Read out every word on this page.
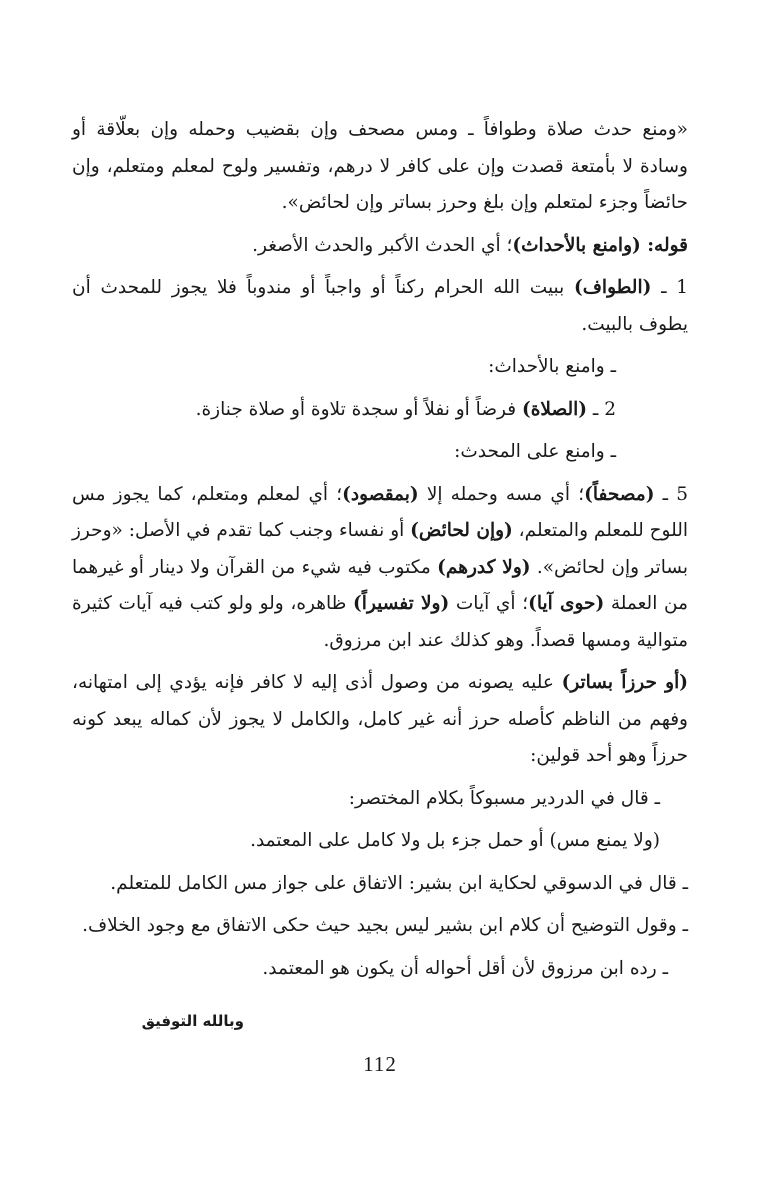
«ومنع حدث صلاة وطوافاً ـ ومس مصحف وإن بقضيب وحمله وإن بعلّاقة أو وسادة لا بأمتعة قصدت وإن على كافر لا درهم، وتفسير ولوح لمعلم ومتعلم، وإن حائضاً وجزء لمتعلم وإن بلغ وحرز بساتر وإن لحائض».

قوله: (وامنع بالأحداث)؛ أي الحدث الأكبر والحدث الأصغر.

1 ـ (الطواف) ببيت الله الحرام ركناً أو واجباً أو مندوباً فلا يجوز للمحدث أن يطوف بالبيت.

ـ وامنع بالأحداث:

2 ـ (الصلاة) فرضاً أو نفلاً أو سجدة تلاوة أو صلاة جنازة.

ـ وامنع على المحدث:

5 ـ (مصحفاً)؛ أي مسه وحمله إلا (بمقصود)؛ أي لمعلم ومتعلم، كما يجوز مس اللوح للمعلم والمتعلم، (وإن لحائض) أو نفساء وجنب كما تقدم في الأصل: «وحرز بساتر وإن لحائض». (ولا كدرهم) مكتوب فيه شيء من القرآن ولا دينار أو غيرهما من العملة (حوى آيا)؛ أي آيات (ولا تفسيراً) ظاهره، ولو ولو كتب فيه آيات كثيرة متوالية ومسها قصداً. وهو كذلك عند ابن مرزوق.

(أو حرزاً بساتر) عليه يصونه من وصول أذى إليه لا كافر فإنه يؤدي إلى امتهانه، وفهم من الناظم كأصله حرز أنه غير كامل، والكامل لا يجوز لأن كماله يبعد كونه حرزاً وهو أحد قولين:

ـ قال في الدردير مسبوكاً بكلام المختصر:

(ولا يمنع مس) أو حمل جزء بل ولا كامل على المعتمد.

ـ قال في الدسوقي لحكاية ابن بشير: الاتفاق على جواز مس الكامل للمتعلم.

ـ وقول التوضيح أن كلام ابن بشير ليس بجيد حيث حكى الاتفاق مع وجود الخلاف.

ـ رده ابن مرزوق لأن أقل أحواله أن يكون هو المعتمد.

وبالله التوفيق
112
